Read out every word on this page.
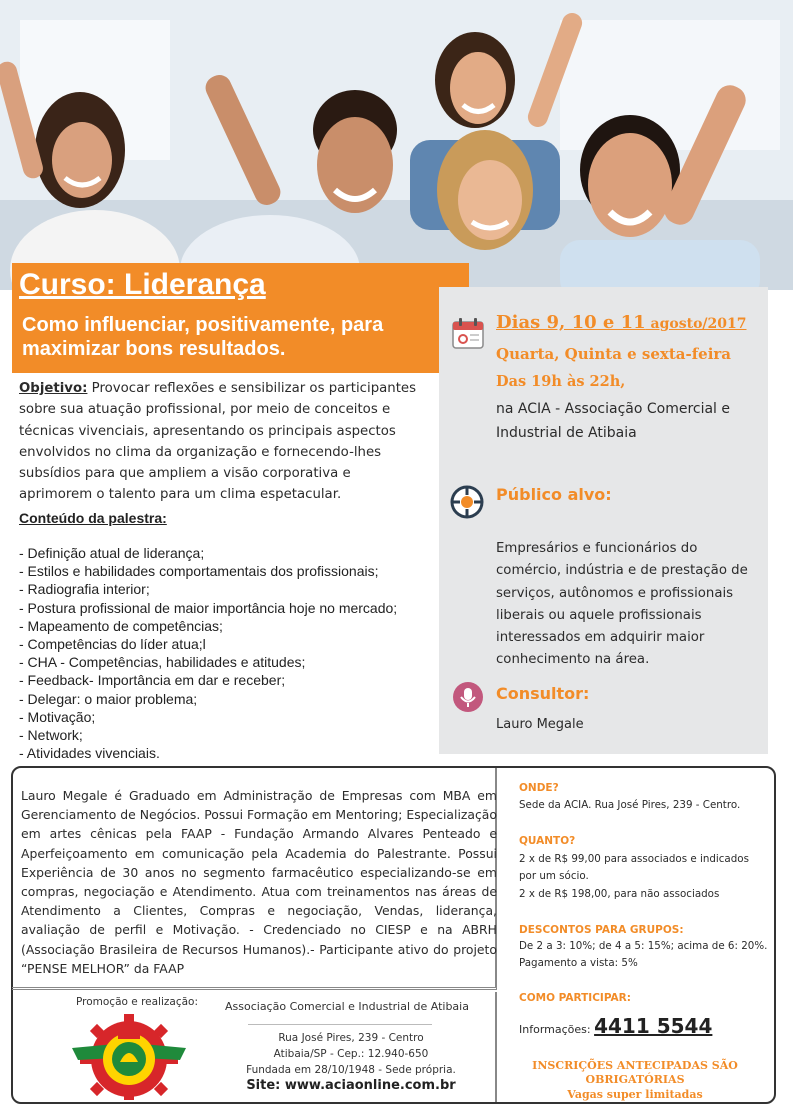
Curso: Liderança
Como influenciar, positivamente, para maximizar bons resultados.

Objetivo: Provocar reflexões e sensibilizar os participantes sobre sua atuação profissional, por meio de conceitos e técnicas vivenciais, apresentando os principais aspectos envolvidos no clima da organização e fornecendo-lhes subsídios para que ampliem a visão corporativa e aprimorem o talento para um clima espetacular.

Conteúdo da palestra:
- Definição atual de liderança;
- Estilos e habilidades comportamentais dos profissionais;
- Radiografia interior;
- Postura profissional de maior importância hoje no mercado;
- Mapeamento de competências;
- Competências do líder atua;l
- CHA - Competências, habilidades e atitudes;
- Feedback- Importância em dar e receber;
- Delegar: o maior problema;
- Motivação;
- Network;
- Atividades vivenciais.
Dias 9, 10 e 11 agosto/2017
Quarta, Quinta e sexta-feira
Das 19h às 22h,
na ACIA - Associação Comercial e Industrial de Atibaia
Público alvo:
Empresários e funcionários do comércio, indústria e de prestação de serviços, autônomos e profissionais liberais ou aquele profissionais interessados em adquirir maior conhecimento na área.
Consultor:
Lauro Megale

Lauro Megale é Graduado em Administração de Empresas com MBA em Gerenciamento de Negócios. Possui Formação em Mentoring; Especialização em artes cênicas pela FAAP - Fundação Armando Alvares Penteado e Aperfeiçoamento em comunicação pela Academia do Palestrante. Possui Experiência de 30 anos no segmento farmacêutico especializando-se em compras, negociação e Atendimento. Atua com treinamentos nas áreas de Atendimento a Clientes, Compras e negociação, Vendas, liderança, avaliação de perfil e Motivação. - Credenciado no CIESP e na ABRH (Associação Brasileira de Recursos Humanos).- Participante ativo do projeto “PENSE MELHOR” da FAAP

Promoção e realização: Associação Comercial e Industrial de Atibaia
Rua José Pires, 239 - Centro
Atibaia/SP - Cep.: 12.940-650
Fundada em 28/10/1948 - Sede própria.
Site: www.aciaonline.com.br
ONDE?
Sede da ACIA. Rua José Pires, 239 - Centro.
QUANTO?
2 x de R$ 99,00 para associados e indicados
por um sócio.
2 x de R$ 198,00, para não associados
DESCONTOS PARA GRUPOS:
De 2 a 3: 10%; de 4 a 5: 15%; acima de 6: 20%.
Pagamento a vista: 5%
COMO PARTICIPAR:
Informações: 4411 5544
INSCRIÇÕES ANTECIPADAS SÃO OBRIGATÓRIAS
Vagas super limitadas
